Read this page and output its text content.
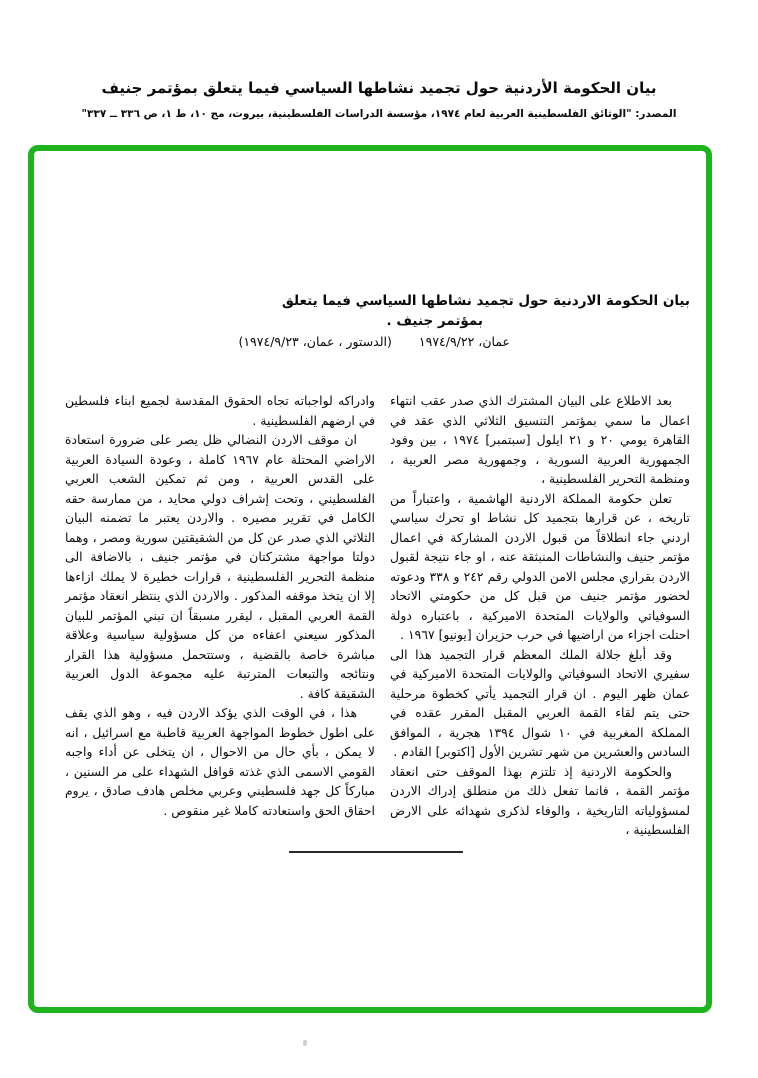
بيان الحكومة الأردنية حول تجميد نشاطها السياسي فيما يتعلق بمؤتمر جنيف
المصدر: "الوثائق الفلسطينية العربية لعام ١٩٧٤، مؤسسة الدراسات الفلسطينية، بيروت، مج ١٠، ط ١، ص ٣٣٦ ــ ٣٣٧"
بيان الحكومة الاردنية حول تجميد نشاطها السياسي فيما يتعلق
بمؤتمر جنيف .
عمان، ١٩٧٤/٩/٢٢
(الدستور ، عمان، ١٩٧٤/٩/٢٣)

بعد الاطلاع على البيان المشترك الذي صدر عقب انتهاء اعمال ما سمي بمؤتمر التنسيق الثلاثي الذي عقد في القاهرة يومي ٢٠ و ٢١ ايلول [سبتمبر] ١٩٧٤ ، بين وفود الجمهورية العربية السورية ، وجمهورية مصر العربية ، ومنظمة التحرير الفلسطينية ،

تعلن حكومة المملكة الاردنية الهاشمية ، واعتباراً من تاريخه ، عن قرارها بتجميد كل نشاط او تحرك سياسي اردني جاء انطلاقاً من قبول الاردن المشاركة في اعمال مؤتمر جنيف والنشاطات المنبثقة عنه ، او جاء نتيجة لقبول الاردن بقراري مجلس الامن الدولي رقم ٢٤٢ و ٣٣٨ ودعوته لحضور مؤتمر جنيف من قبل كل من حكومتي الاتحاد السوفياتي والولايات المتحدة الاميركية ، باعتباره دولة احتلت اجزاء من اراضيها في حرب حزيران [يونيو] ١٩٦٧ .

وقد أبلغ جلالة الملك المعظم قرار التجميد هذا الى سفيري الاتحاد السوفياتي والولايات المتحدة الاميركية في عمان ظهر اليوم . ان قرار التجميد يأتي كخطوة مرحلية حتى يتم لقاء القمة العربي المقبل المقرر عقده في المملكة المغربية في ١٠ شوال ١٣٩٤ هجرية ، الموافق السادس والعشرين من شهر تشرين الأول [اكتوبر] القادم .

والحكومة الاردنية إذ تلتزم بهذا الموقف حتى انعقاد مؤتمر القمة ، فانما تفعل ذلك من منطلق إدراك الاردن لمسؤولياته التاريخية ، والوفاء لذكرى شهدائه على الارض الفلسطينية ،

وادراكه لواجباته تجاه الحقوق المقدسة لجميع ابناء فلسطين في ارضهم الفلسطينية .

ان موقف الاردن النضالي ظل يصر على ضرورة استعادة الاراضي المحتلة عام ١٩٦٧ كاملة ، وعودة السيادة العربية على القدس العربية ، ومن ثم تمكين الشعب العربي الفلسطيني ، وتحت إشراف دولي محايد ، من ممارسة حقه الكامل في تقرير مصيره . والاردن يعتبر ما تضمنه البيان الثلاثي الذي صدر عن كل من الشقيقتين سورية ومصر ، وهما دولتا مواجهة مشتركتان في مؤتمر جنيف ، بالاضافة الى منظمة التحرير الفلسطينية ، قرارات خطيرة لا يملك ازاءها إلا ان يتخذ موقفه المذكور . والاردن الذي ينتظر انعقاد مؤتمر القمة العربي المقبل ، ليقرر مسبقاً ان تبني المؤتمر للبيان المذكور سيعني اعفاءه من كل مسؤولية سياسية وعلاقة مباشرة خاصة بالقضية ، وستتحمل مسؤولية هذا القرار ونتائجه والتبعات المترتبة عليه مجموعة الدول العربية الشقيقة كافة .

هذا ، في الوقت الذي يؤكد الاردن فيه ، وهو الذي يقف على اطول خطوط المواجهة العربية قاطبة مع اسرائيل ، انه لا يمكن ، بأي حال من الاحوال ، ان يتخلى عن أداء واجبه القومي الاسمى الذي غذته قوافل الشهداء على مر السنين ، مباركاً كل جهد فلسطيني وعربي مخلص هادف صادق ، يروم احقاق الحق واستعادته كاملا غير منقوص .
